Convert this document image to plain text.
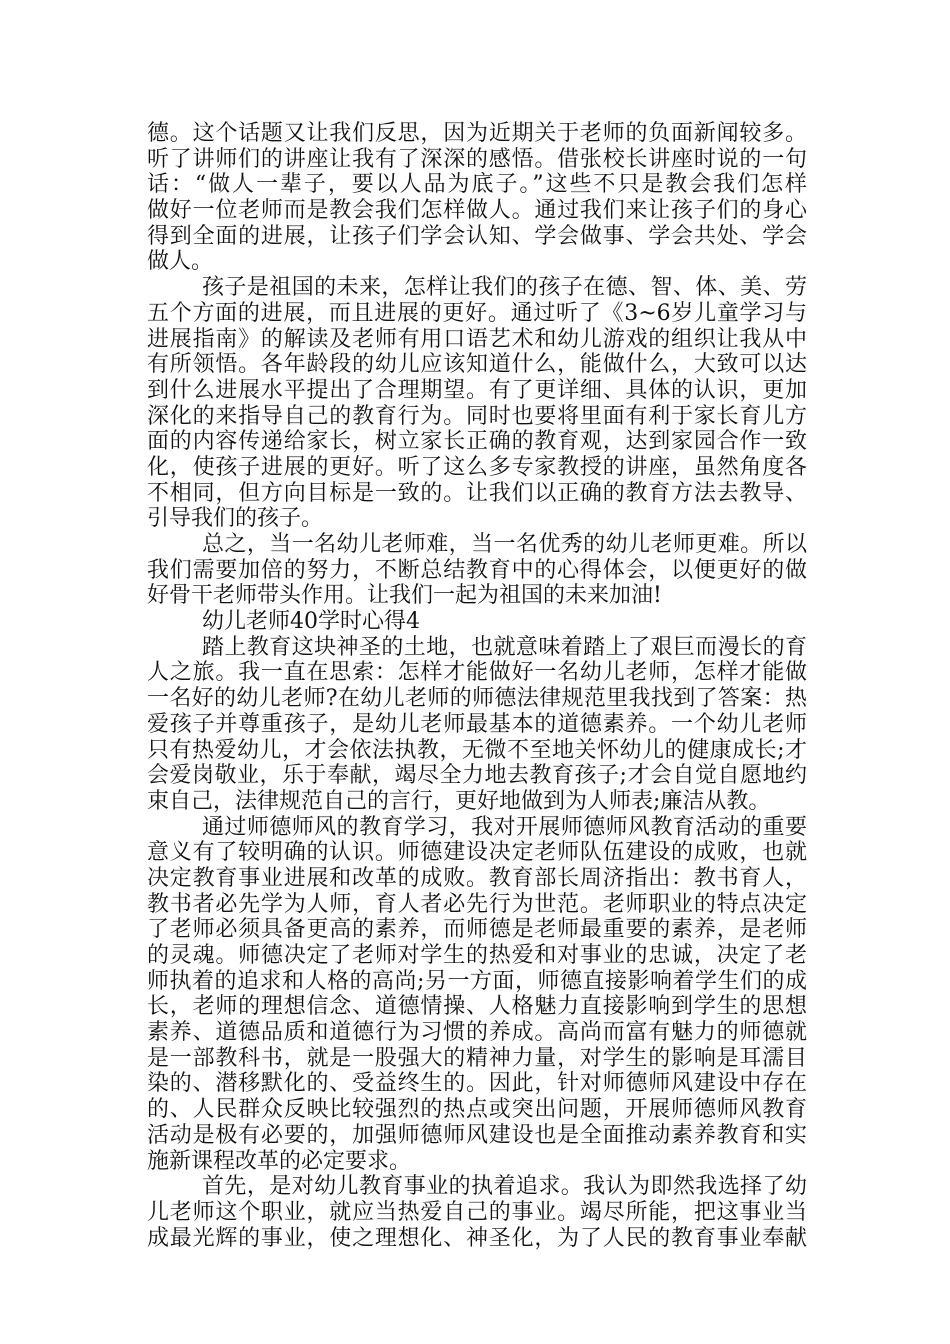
德。这个话题又让我们反思，因为近期关于老师的负面新闻较多。
听了讲师们的讲座让我有了深深的感悟。借张校长讲座时说的一句
话：“做人一辈子，要以人品为底子。”这些不只是教会我们怎样
做好一位老师而是教会我们怎样做人。通过我们来让孩子们的身心
得到全面的进展，让孩子们学会认知、学会做事、学会共处、学会
做人。
孩子是祖国的未来，怎样让我们的孩子在德、智、体、美、劳
五个方面的进展，而且进展的更好。通过听了《3~6岁儿童学习与
进展指南》的解读及老师有用口语艺术和幼儿游戏的组织让我从中
有所领悟。各年龄段的幼儿应该知道什么，能做什么，大致可以达
到什么进展水平提出了合理期望。有了更详细、具体的认识，更加
深化的来指导自己的教育行为。同时也要将里面有利于家长育儿方
面的内容传递给家长，树立家长正确的教育观，达到家园合作一致
化，使孩子进展的更好。听了这么多专家教授的讲座，虽然角度各
不相同，但方向目标是一致的。让我们以正确的教育方法去教导、
引导我们的孩子。
总之，当一名幼儿老师难，当一名优秀的幼儿老师更难。所以
我们需要加倍的努力，不断总结教育中的心得体会，以便更好的做
好骨干老师带头作用。让我们一起为祖国的未来加油!
幼儿老师40学时心得4
踏上教育这块神圣的土地，也就意味着踏上了艰巨而漫长的育
人之旅。我一直在思索：怎样才能做好一名幼儿老师，怎样才能做
一名好的幼儿老师?在幼儿老师的师德法律规范里我找到了答案：热
爱孩子并尊重孩子，是幼儿老师最基本的道德素养。一个幼儿老师
只有热爱幼儿，才会依法执教，无微不至地关怀幼儿的健康成长;才
会爱岗敬业，乐于奉献，竭尽全力地去教育孩子;才会自觉自愿地约
束自己，法律规范自己的言行，更好地做到为人师表;廉洁从教。
通过师德师风的教育学习，我对开展师德师风教育活动的重要
意义有了较明确的认识。师德建设决定老师队伍建设的成败，也就
决定教育事业进展和改革的成败。教育部长周济指出：教书育人，
教书者必先学为人师，育人者必先行为世范。老师职业的特点决定
了老师必须具备更高的素养，而师德是老师最重要的素养，是老师
的灵魂。师德决定了老师对学生的热爱和对事业的忠诚，决定了老
师执着的追求和人格的高尚;另一方面，师德直接影响着学生们的成
长，老师的理想信念、道德情操、人格魅力直接影响到学生的思想
素养、道德品质和道德行为习惯的养成。高尚而富有魅力的师德就
是一部教科书，就是一股强大的精神力量，对学生的影响是耳濡目
染的、潜移默化的、受益终生的。因此，针对师德师风建设中存在
的、人民群众反映比较强烈的热点或突出问题，开展师德师风教育
活动是极有必要的，加强师德师风建设也是全面推动素养教育和实
施新课程改革的必定要求。
首先，是对幼儿教育事业的执着追求。我认为即然我选择了幼
儿老师这个职业，就应当热爱自己的事业。竭尽所能，把这事业当
成最光辉的事业，使之理想化、神圣化，为了人民的教育事业奉献
